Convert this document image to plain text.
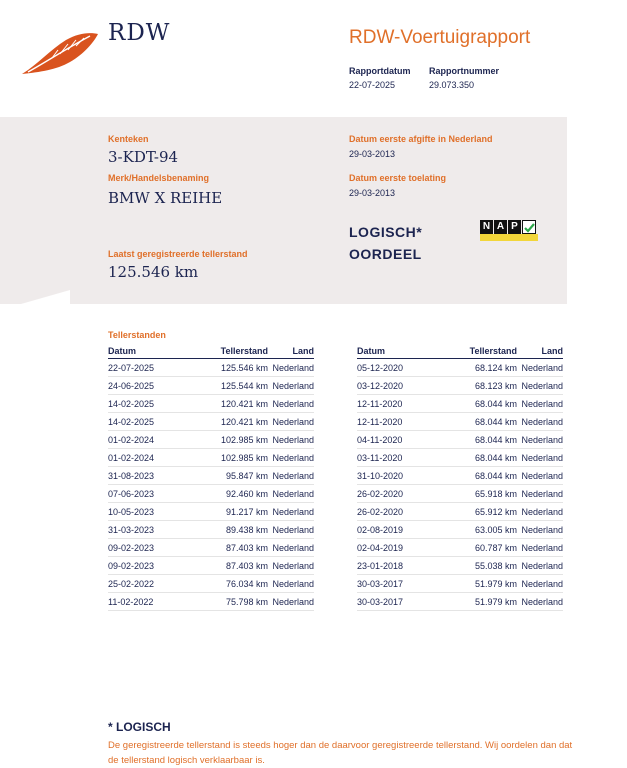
RDW	RDW-Voertuigrapport
Rapportdatum
22-07-2025
Rapportnummer
29.073.350
Kenteken
3-KDT-94
Merk/Handelsbenaming
BMW X REIHE
Laatst geregistreerde tellerstand
125.546 km
Datum eerste afgifte in Nederland
29-03-2013
Datum eerste toelating
29-03-2013
LOGISCH*
OORDEEL
N A P
Tellerstanden
Datum	Tellerstand	Land
22-07-2025	125.546 km	Nederland
24-06-2025	125.544 km	Nederland
14-02-2025	120.421 km	Nederland
14-02-2025	120.421 km	Nederland
01-02-2024	102.985 km	Nederland
01-02-2024	102.985 km	Nederland
31-08-2023	95.847 km	Nederland
07-06-2023	92.460 km	Nederland
10-05-2023	91.217 km	Nederland
31-03-2023	89.438 km	Nederland
09-02-2023	87.403 km	Nederland
09-02-2023	87.403 km	Nederland
25-02-2022	76.034 km	Nederland
11-02-2022	75.798 km	Nederland
Datum	Tellerstand	Land
05-12-2020	68.124 km	Nederland
03-12-2020	68.123 km	Nederland
12-11-2020	68.044 km	Nederland
12-11-2020	68.044 km	Nederland
04-11-2020	68.044 km	Nederland
03-11-2020	68.044 km	Nederland
31-10-2020	68.044 km	Nederland
26-02-2020	65.918 km	Nederland
26-02-2020	65.912 km	Nederland
02-08-2019	63.005 km	Nederland
02-04-2019	60.787 km	Nederland
23-01-2018	55.038 km	Nederland
30-03-2017	51.979 km	Nederland
30-03-2017	51.979 km	Nederland
* LOGISCH
De geregistreerde tellerstand is steeds hoger dan de daarvoor geregistreerde tellerstand. Wij oordelen dan dat de tellerstand logisch verklaarbaar is.
